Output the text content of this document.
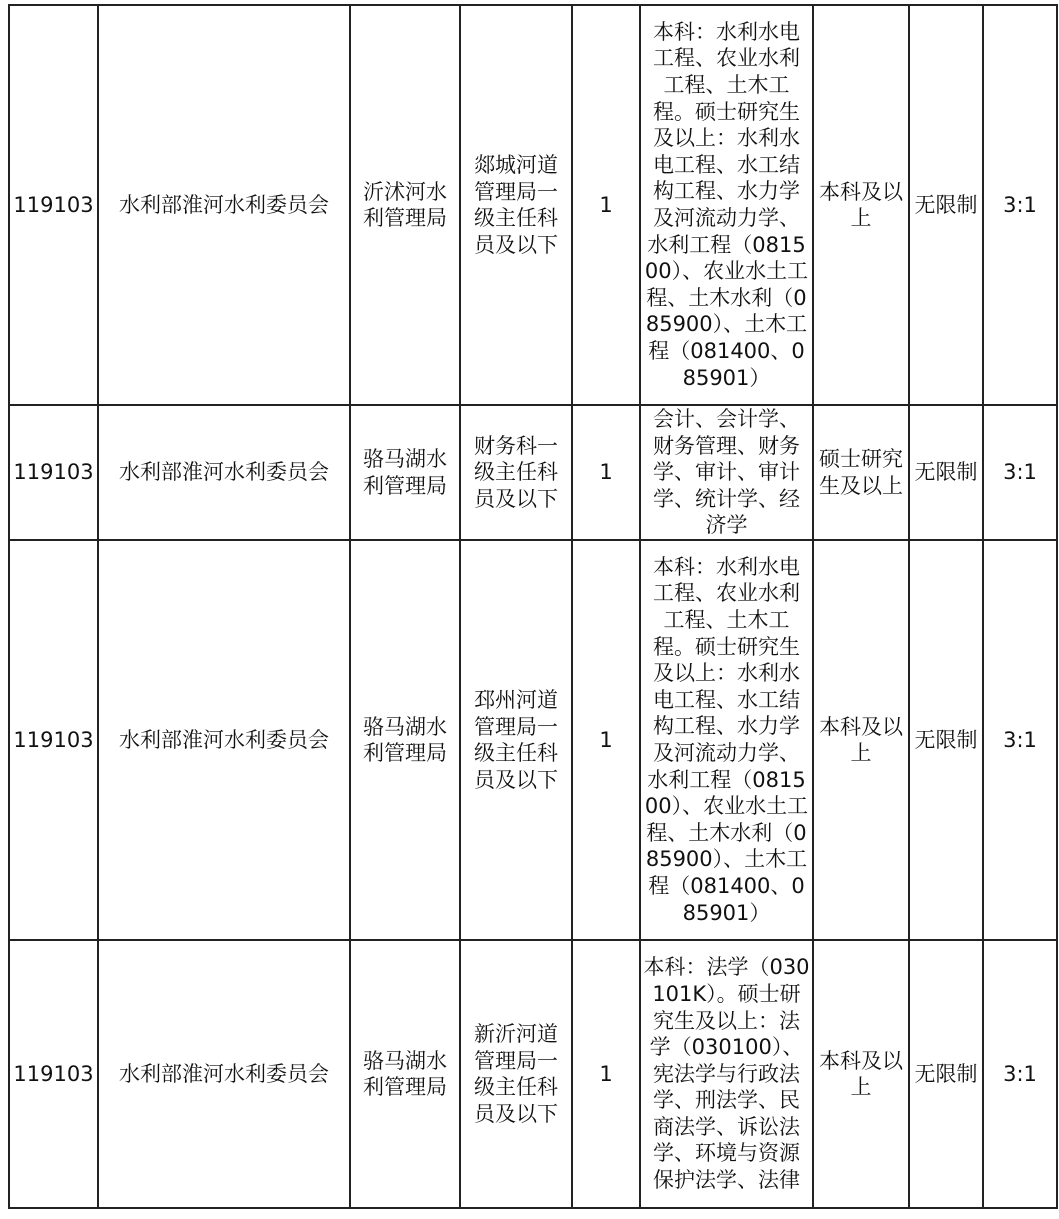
119103	水利部淮河水利委员会	沂沭河水利管理局	郯城河道管理局一级主任科员及以下	1	本科：水利水电工程、农业水利工程、土木工程。硕士研究生及以上：水利水电工程、水工结构工程、水力学及河流动力学、水利工程（081500）、农业水土工程、土木水利（085900）、土木工程（081400、085901）	本科及以上	无限制	3:1
119103	水利部淮河水利委员会	骆马湖水利管理局	财务科一级主任科员及以下	1	会计、会计学、财务管理、财务学、审计、审计学、统计学、经济学	硕士研究生及以上	无限制	3:1
119103	水利部淮河水利委员会	骆马湖水利管理局	邳州河道管理局一级主任科员及以下	1	本科：水利水电工程、农业水利工程、土木工程。硕士研究生及以上：水利水电工程、水工结构工程、水力学及河流动力学、水利工程（081500）、农业水土工程、土木水利（085900）、土木工程（081400、085901）	本科及以上	无限制	3:1
119103	水利部淮河水利委员会	骆马湖水利管理局	新沂河道管理局一级主任科员及以下	1	本科：法学（030101K）。硕士研究生及以上：法学（030100）、宪法学与行政法学、刑法学、民商法学、诉讼法学、环境与资源保护法学、法律	本科及以上	无限制	3:1
